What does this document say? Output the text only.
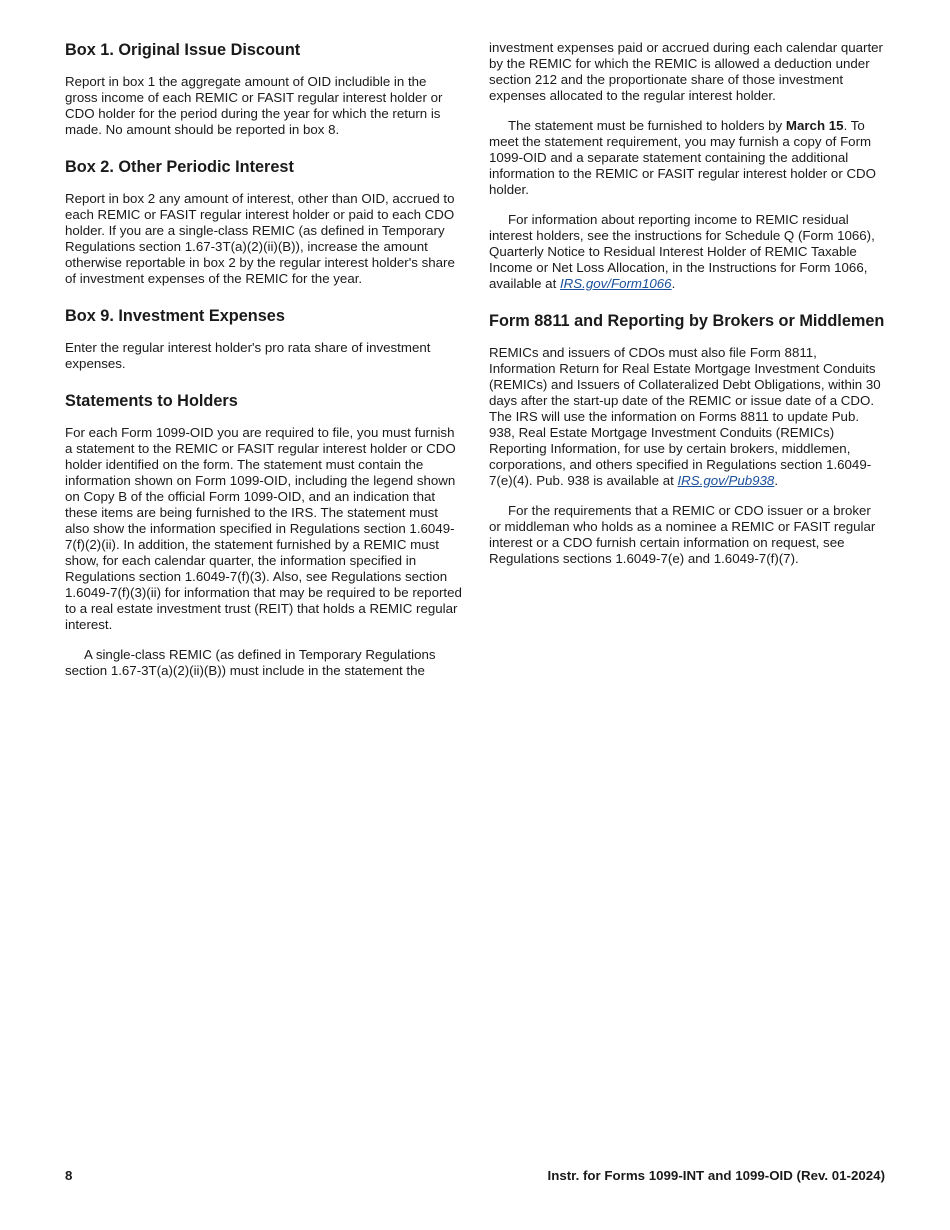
Box 1. Original Issue Discount

Report in box 1 the aggregate amount of OID includible in the gross income of each REMIC or FASIT regular interest holder or CDO holder for the period during the year for which the return is made. No amount should be reported in box 8.

Box 2. Other Periodic Interest

Report in box 2 any amount of interest, other than OID, accrued to each REMIC or FASIT regular interest holder or paid to each CDO holder. If you are a single-class REMIC (as defined in Temporary Regulations section 1.67-3T(a)(2)(ii)(B)), increase the amount otherwise reportable in box 2 by the regular interest holder's share of investment expenses of the REMIC for the year.

Box 9. Investment Expenses

Enter the regular interest holder's pro rata share of investment expenses.

Statements to Holders

For each Form 1099-OID you are required to file, you must furnish a statement to the REMIC or FASIT regular interest holder or CDO holder identified on the form. The statement must contain the information shown on Form 1099-OID, including the legend shown on Copy B of the official Form 1099-OID, and an indication that these items are being furnished to the IRS. The statement must also show the information specified in Regulations section 1.6049-7(f)(2)(ii). In addition, the statement furnished by a REMIC must show, for each calendar quarter, the information specified in Regulations section 1.6049-7(f)(3). Also, see Regulations section 1.6049-7(f)(3)(ii) for information that may be required to be reported to a real estate investment trust (REIT) that holds a REMIC regular interest.

A single-class REMIC (as defined in Temporary Regulations section 1.67-3T(a)(2)(ii)(B)) must include in the statement the

investment expenses paid or accrued during each calendar quarter by the REMIC for which the REMIC is allowed a deduction under section 212 and the proportionate share of those investment expenses allocated to the regular interest holder.

The statement must be furnished to holders by March 15. To meet the statement requirement, you may furnish a copy of Form 1099-OID and a separate statement containing the additional information to the REMIC or FASIT regular interest holder or CDO holder.

For information about reporting income to REMIC residual interest holders, see the instructions for Schedule Q (Form 1066), Quarterly Notice to Residual Interest Holder of REMIC Taxable Income or Net Loss Allocation, in the Instructions for Form 1066, available at IRS.gov/Form1066.

Form 8811 and Reporting by Brokers or Middlemen

REMICs and issuers of CDOs must also file Form 8811, Information Return for Real Estate Mortgage Investment Conduits (REMICs) and Issuers of Collateralized Debt Obligations, within 30 days after the start-up date of the REMIC or issue date of a CDO. The IRS will use the information on Forms 8811 to update Pub. 938, Real Estate Mortgage Investment Conduits (REMICs) Reporting Information, for use by certain brokers, middlemen, corporations, and others specified in Regulations section 1.6049-7(e)(4). Pub. 938 is available at IRS.gov/Pub938.

For the requirements that a REMIC or CDO issuer or a broker or middleman who holds as a nominee a REMIC or FASIT regular interest or a CDO furnish certain information on request, see Regulations sections 1.6049-7(e) and 1.6049-7(f)(7).

8	Instr. for Forms 1099-INT and 1099-OID (Rev. 01-2024)
